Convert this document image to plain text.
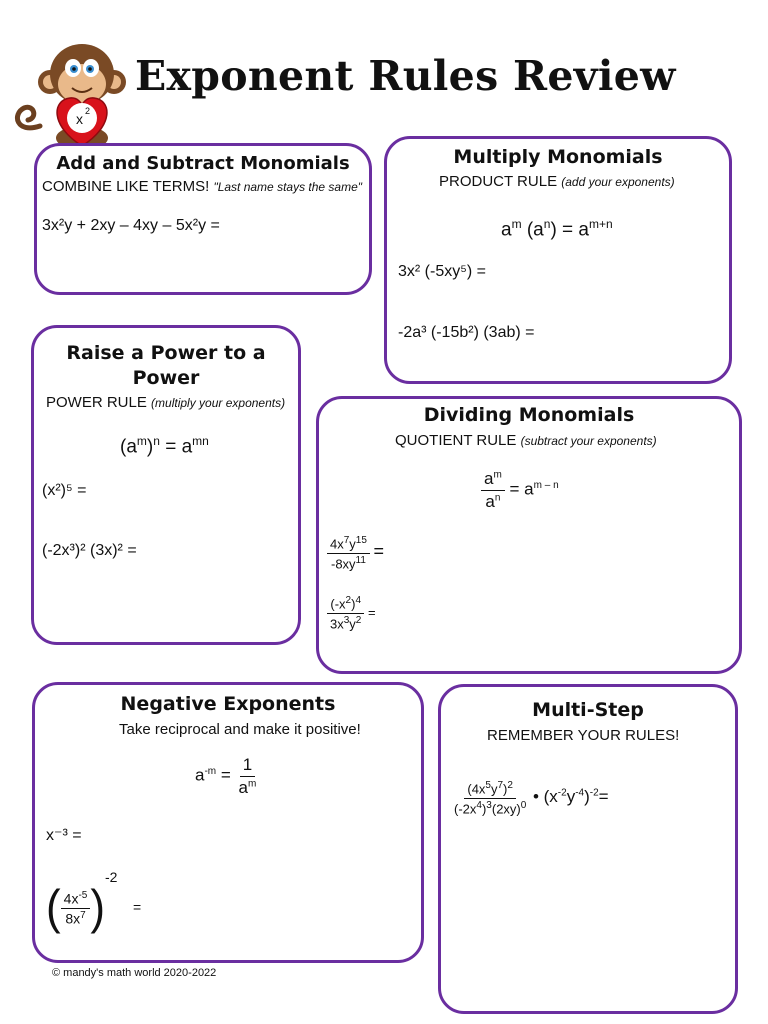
x 2
Exponent Rules Review
Add and Subtract Monomials
COMBINE LIKE TERMS! "Last name stays the same"
3x²y + 2xy – 4xy – 5x²y =
Multiply Monomials
PRODUCT RULE (add your exponents)
$a^m$ $(a^n) = a^{m+n}$
3x² (-5xy⁵) =
-2a³ (-15b²) (3ab) =
Raise a Power to a Power
POWER RULE (multiply your exponents)
$(a^m)^n = a^{mn}$
(x²)⁵ =
(-2x³)² (3x)² =
Dividing Monomials
QUOTIENT RULE (subtract your exponents)
$\frac{a^m}{a^n} = a^{m - n}$
$\frac{4x^7y^{15}}{-8xy^{11}}$ =
$\frac{(-x^2)^4}{3x^3y^2}$ =
Negative Exponents
Take reciprocal and make it positive!
$a^{-m} = \frac{1}{a^m}$
x⁻³ =
( $\frac{4x^{-5}}{8x^7} )^{-2}$    =
Multi-Step
REMEMBER YOUR RULES!
$\frac{(4x^5y^7)^2}{(-2x^4)^3(2xy)^0}$ • $(x^{-2}y^{-4})^{-2}=$
© mandy's math world 2020-2022
